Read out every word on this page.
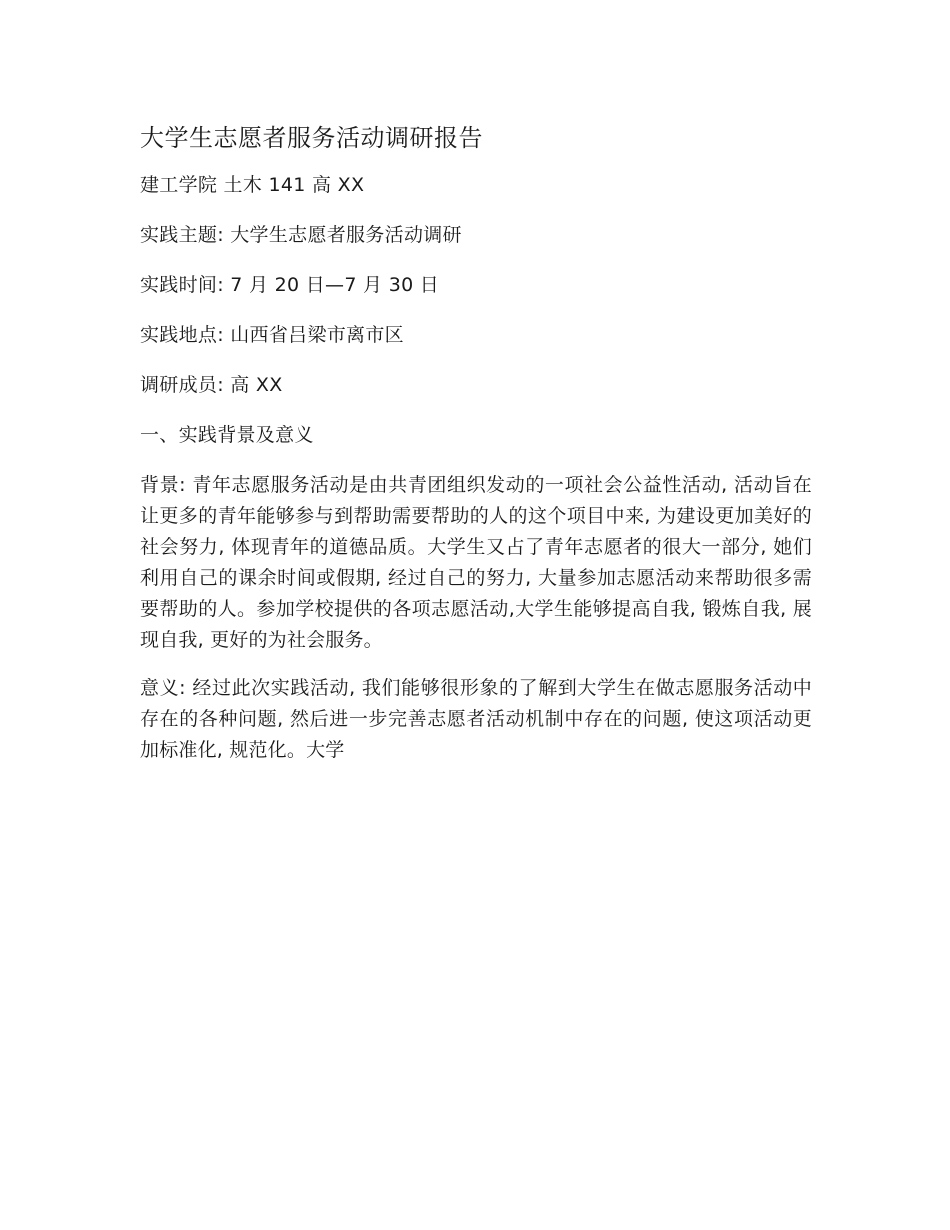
大学生志愿者服务活动调研报告
建工学院 土木 141 高 XX
实践主题: 大学生志愿者服务活动调研
实践时间: 7 月 20 日—7 月 30 日
实践地点: 山西省吕梁市离市区
调研成员: 高 XX
一、实践背景及意义

背景: 青年志愿服务活动是由共青团组织发动的一项社会公益性活动, 活动旨在让更多的青年能够参与到帮助需要帮助的人的这个项目中来, 为建设更加美好的社会努力, 体现青年的道德品质。大学生又占了青年志愿者的很大一部分, 她们利用自己的课余时间或假期, 经过自己的努力, 大量参加志愿活动来帮助很多需要帮助的人。参加学校提供的各项志愿活动,大学生能够提高自我, 锻炼自我, 展现自我, 更好的为社会服务。

意义: 经过此次实践活动, 我们能够很形象的了解到大学生在做志愿服务活动中存在的各种问题, 然后进一步完善志愿者活动机制中存在的问题, 使这项活动更加标准化, 规范化。大学
